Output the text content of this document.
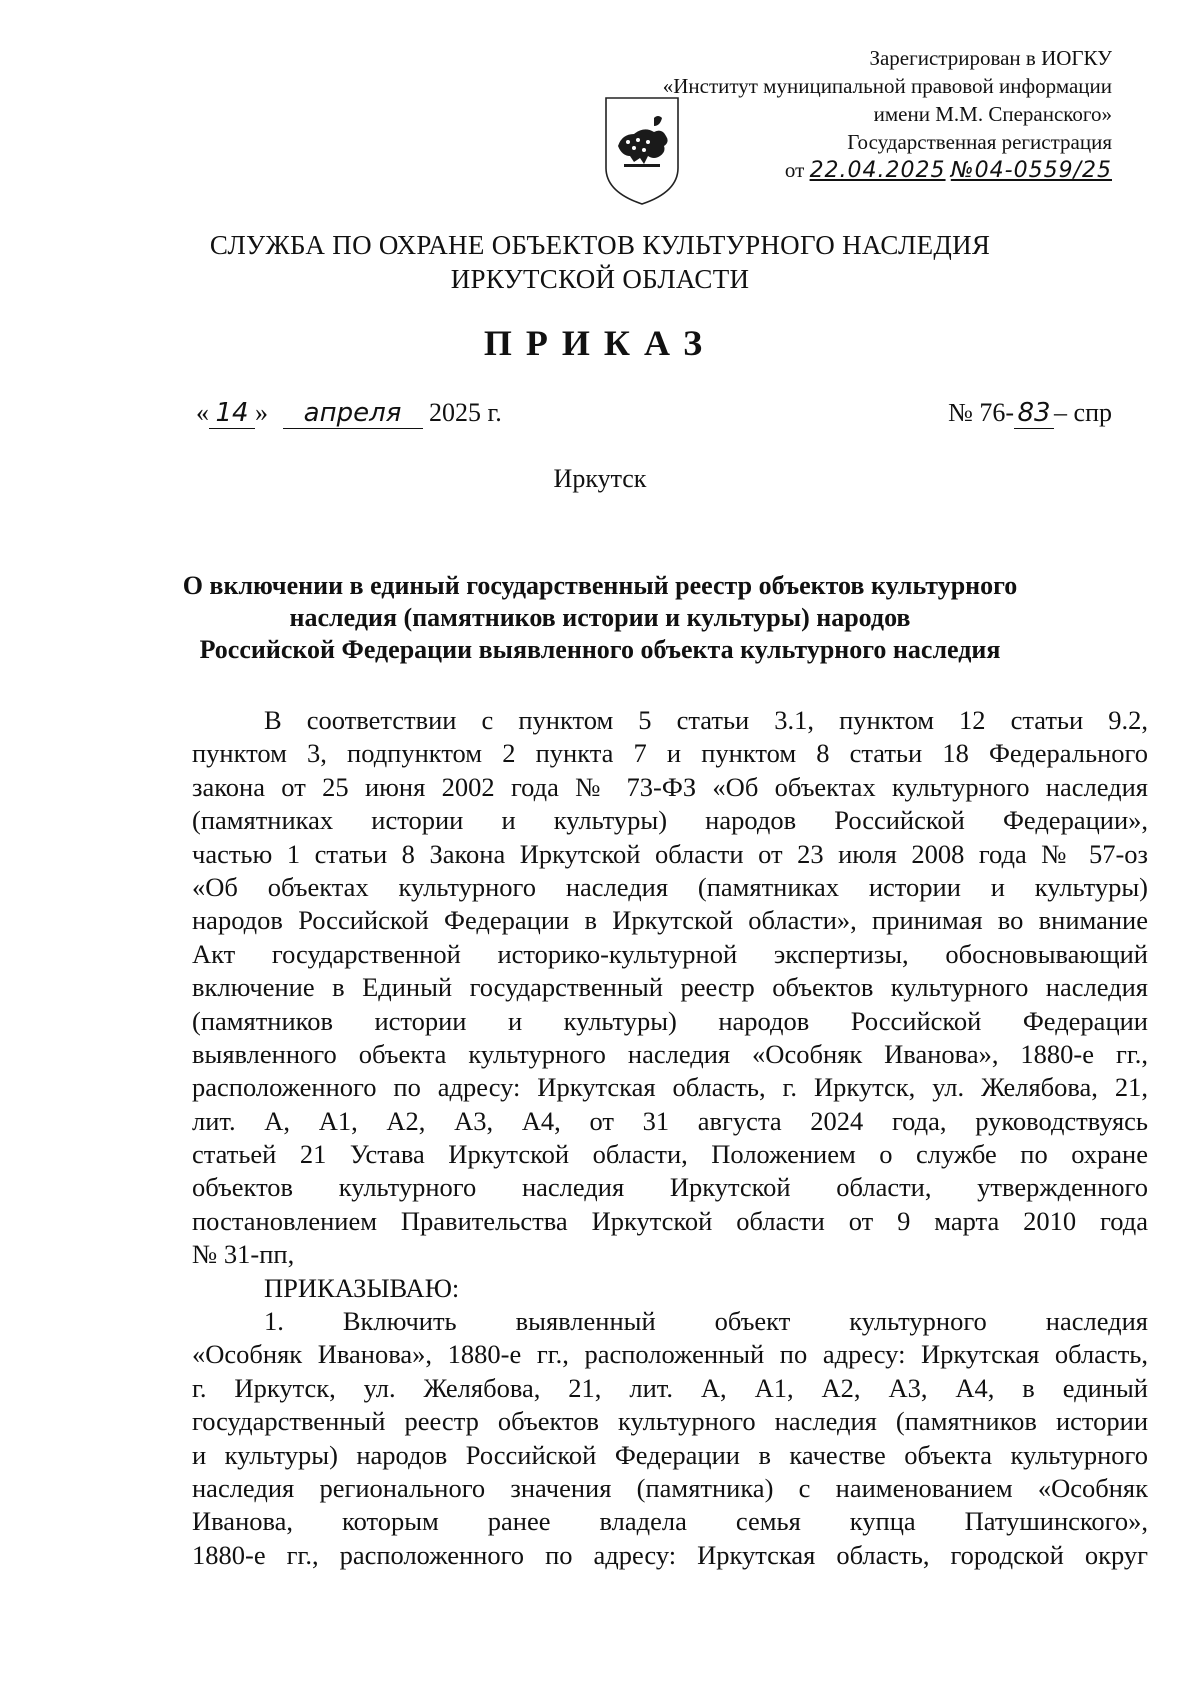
Зарегистрирован в ИОГКУ
«Институт муниципальной правовой информации
имени М.М. Сперанского»
Государственная регистрация
от 22.04.2025 №04-0559/25
СЛУЖБА ПО ОХРАНЕ ОБЪЕКТОВ КУЛЬТУРНОГО НАСЛЕДИЯ
ИРКУТСКОЙ ОБЛАСТИ
ПРИКАЗ
« 14 » апреля 2025 г.	№ 76- 83 – спр
Иркутск
О включении в единый государственный реестр объектов культурного
наследия (памятников истории и культуры) народов
Российской Федерации выявленного объекта культурного наследия
В соответствии с пунктом 5 статьи 3.1, пунктом 12 статьи 9.2,
пунктом 3, подпунктом 2 пункта 7 и пунктом 8 статьи 18 Федерального
закона от 25 июня 2002 года № 73-ФЗ «Об объектах культурного наследия
(памятниках истории и культуры) народов Российской Федерации»,
частью 1 статьи 8 Закона Иркутской области от 23 июля 2008 года № 57-оз
«Об объектах культурного наследия (памятниках истории и культуры)
народов Российской Федерации в Иркутской области», принимая во внимание
Акт государственной историко-культурной экспертизы, обосновывающий
включение в Единый государственный реестр объектов культурного наследия
(памятников истории и культуры) народов Российской Федерации
выявленного объекта культурного наследия «Особняк Иванова», 1880-е гг.,
расположенного по адресу: Иркутская область, г. Иркутск, ул. Желябова, 21,
лит. А, А1, А2, А3, А4, от 31 августа 2024 года, руководствуясь
статьей 21 Устава Иркутской области, Положением о службе по охране
объектов культурного наследия Иркутской области, утвержденного
постановлением Правительства Иркутской области от 9 марта 2010 года
№ 31-пп,
ПРИКАЗЫВАЮ:
1. Включить выявленный объект культурного наследия
«Особняк Иванова», 1880-е гг., расположенный по адресу: Иркутская область,
г. Иркутск, ул. Желябова, 21, лит. А, А1, А2, А3, А4, в единый
государственный реестр объектов культурного наследия (памятников истории
и культуры) народов Российской Федерации в качестве объекта культурного
наследия регионального значения (памятника) с наименованием «Особняк
Иванова, которым ранее владела семья купца Патушинского»,
1880-е гг., расположенного по адресу: Иркутская область, городской округ
